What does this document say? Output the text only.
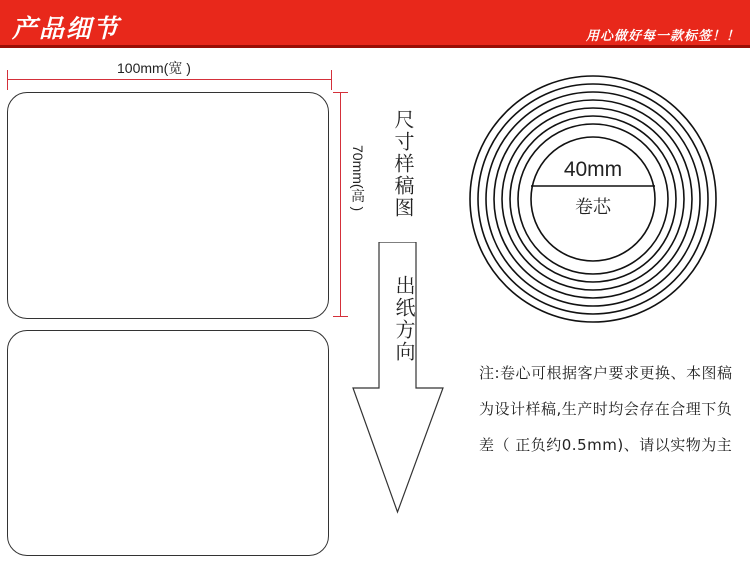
产品细节	用心做好每一款标签！！
100mm(宽 )
70mm(高 ) 尺寸样稿图
出纸方向
40mm
卷芯
注:卷心可根据客户要求更换、本图稿为设计样稿,生产时均会存在合理下负差（ 正负约0.5mm)、请以实物为主
